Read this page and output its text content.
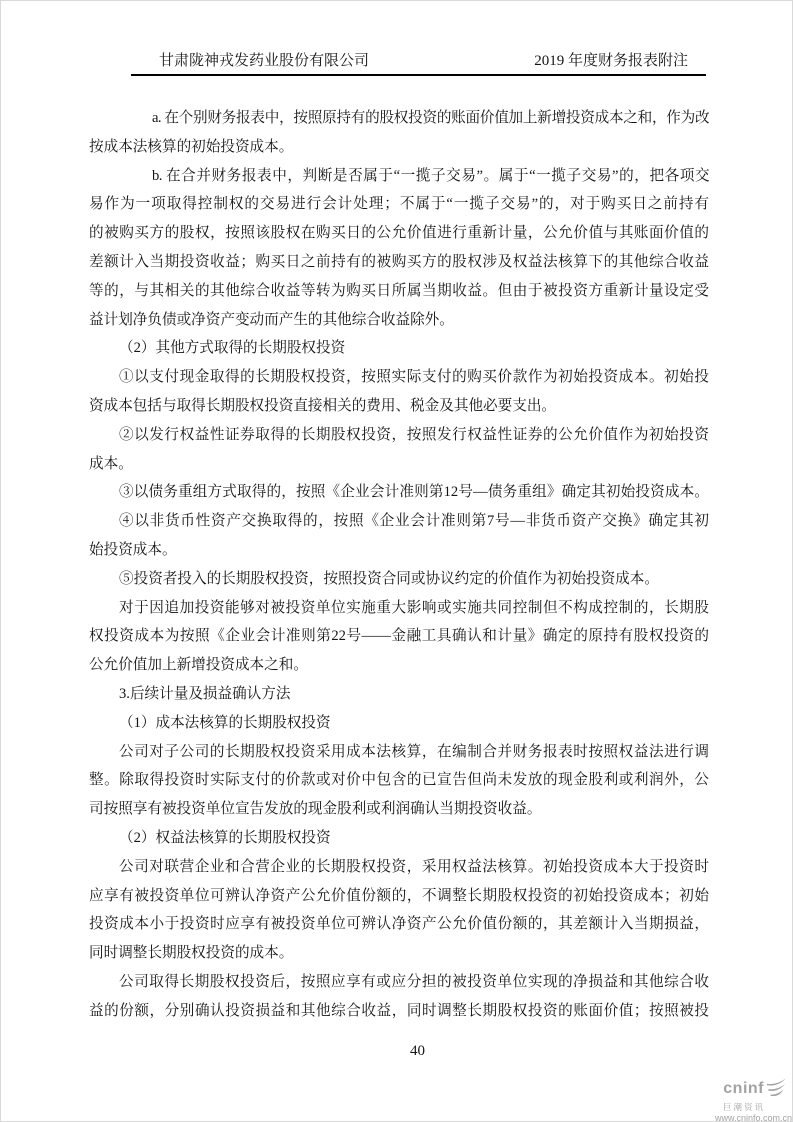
甘肃陇神戎发药业股份有限公司	2019 年度财务报表附注
a. 在个别财务报表中，按照原持有的股权投资的账面价值加上新增投资成本之和，作为改
按成本法核算的初始投资成本。
b. 在合并财务报表中，判断是否属于“一揽子交易”。属于“一揽子交易”的，把各项交
易作为一项取得控制权的交易进行会计处理；不属于“一揽子交易”的，对于购买日之前持有
的被购买方的股权，按照该股权在购买日的公允价值进行重新计量，公允价值与其账面价值的
差额计入当期投资收益；购买日之前持有的被购买方的股权涉及权益法核算下的其他综合收益
等的，与其相关的其他综合收益等转为购买日所属当期收益。但由于被投资方重新计量设定受
益计划净负债或净资产变动而产生的其他综合收益除外。
（2）其他方式取得的长期股权投资
①以支付现金取得的长期股权投资，按照实际支付的购买价款作为初始投资成本。初始投
资成本包括与取得长期股权投资直接相关的费用、税金及其他必要支出。
②以发行权益性证券取得的长期股权投资，按照发行权益性证券的公允价值作为初始投资
成本。
③以债务重组方式取得的，按照《企业会计准则第12号—债务重组》确定其初始投资成本。
④以非货币性资产交换取得的，按照《企业会计准则第7号—非货币资产交换》确定其初
始投资成本。
⑤投资者投入的长期股权投资，按照投资合同或协议约定的价值作为初始投资成本。
对于因追加投资能够对被投资单位实施重大影响或实施共同控制但不构成控制的，长期股
权投资成本为按照《企业会计准则第22号——金融工具确认和计量》确定的原持有股权投资的
公允价值加上新增投资成本之和。
3.后续计量及损益确认方法
（1）成本法核算的长期股权投资
公司对子公司的长期股权投资采用成本法核算，在编制合并财务报表时按照权益法进行调
整。除取得投资时实际支付的价款或对价中包含的已宣告但尚未发放的现金股利或利润外，公
司按照享有被投资单位宣告发放的现金股利或利润确认当期投资收益。
（2）权益法核算的长期股权投资
公司对联营企业和合营企业的长期股权投资，采用权益法核算。初始投资成本大于投资时
应享有被投资单位可辨认净资产公允价值份额的，不调整长期股权投资的初始投资成本；初始
投资成本小于投资时应享有被投资单位可辨认净资产公允价值份额的，其差额计入当期损益，
同时调整长期股权投资的成本。
公司取得长期股权投资后，按照应享有或应分担的被投资单位实现的净损益和其他综合收
益的份额，分别确认投资损益和其他综合收益，同时调整长期股权投资的账面价值；按照被投
40
cninf
巨潮资讯
www.cninfo.com.cn
